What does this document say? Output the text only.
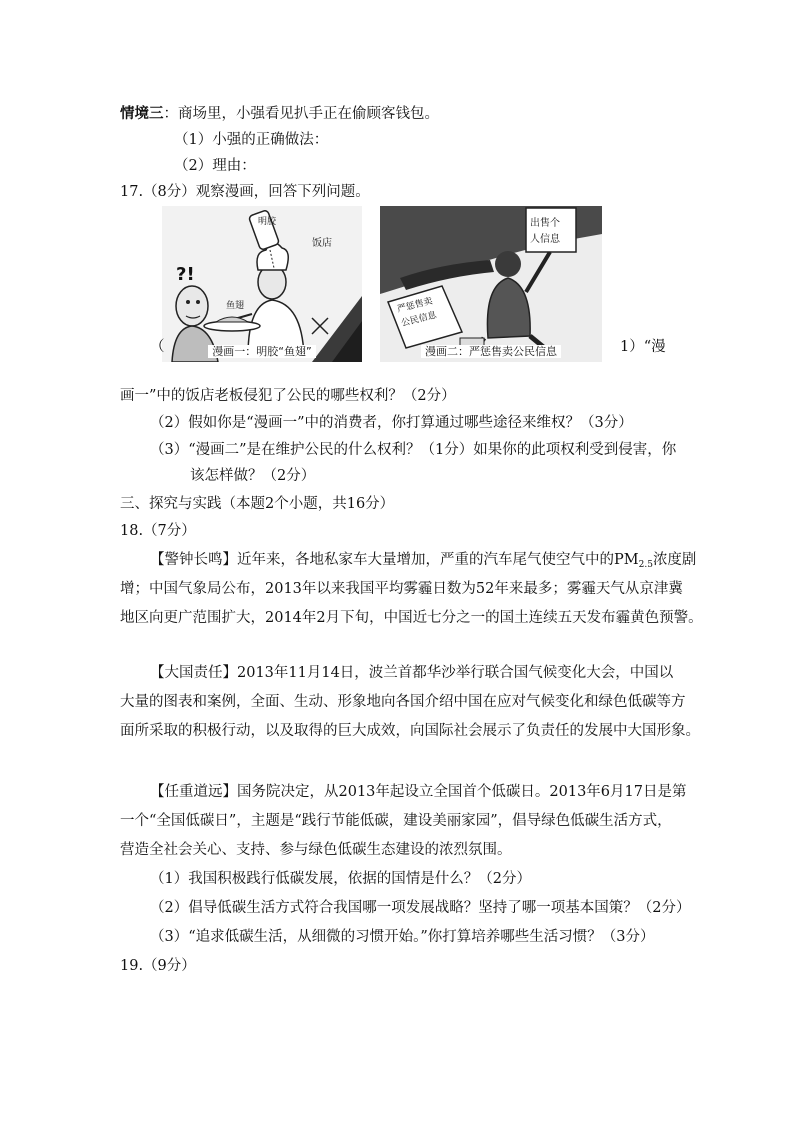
情境三：商场里，小强看见扒手正在偷顾客钱包。
（1）小强的正确做法：
（2）理由：
17.（8分）观察漫画，回答下列问题。
?!
鱼翅
明胶
饭店
漫画一：明胶“鱼翅”
严惩售卖
公民信息
出售个
人信息
漫画二：严惩售卖公民信息
（	1）“漫
画一”中的饭店老板侵犯了公民的哪些权利？（2分）
（2）假如你是“漫画一”中的消费者，你打算通过哪些途径来维权？（3分）
（3）“漫画二”是在维护公民的什么权利？（1分）如果你的此项权利受到侵害，你
该怎样做？（2分）
三、探究与实践（本题2个小题，共16分）
18.（7分）
【警钟长鸣】近年来，各地私家车大量增加，严重的汽车尾气使空气中的$PM_{2.5}$浓度剧
增；中国气象局公布，2013年以来我国平均雾霾日数为52年来最多；雾霾天气从京津冀
地区向更广范围扩大，2014年2月下旬，中国近七分之一的国土连续五天发布霾黄色预警。
【大国责任】2013年11月14日，波兰首都华沙举行联合国气候变化大会，中国以
大量的图表和案例，全面、生动、形象地向各国介绍中国在应对气候变化和绿色低碳等方
面所采取的积极行动，以及取得的巨大成效，向国际社会展示了负责任的发展中大国形象。
【任重道远】国务院决定，从2013年起设立全国首个低碳日。2013年6月17日是第
一个“全国低碳日”，主题是“践行节能低碳，建设美丽家园”，倡导绿色低碳生活方式，
营造全社会关心、支持、参与绿色低碳生态建设的浓烈氛围。
（1）我国积极践行低碳发展，依据的国情是什么？（2分）
（2）倡导低碳生活方式符合我国哪一项发展战略？坚持了哪一项基本国策？（2分）
（3）“追求低碳生活，从细微的习惯开始。”你打算培养哪些生活习惯？（3分）
19.（9分）
